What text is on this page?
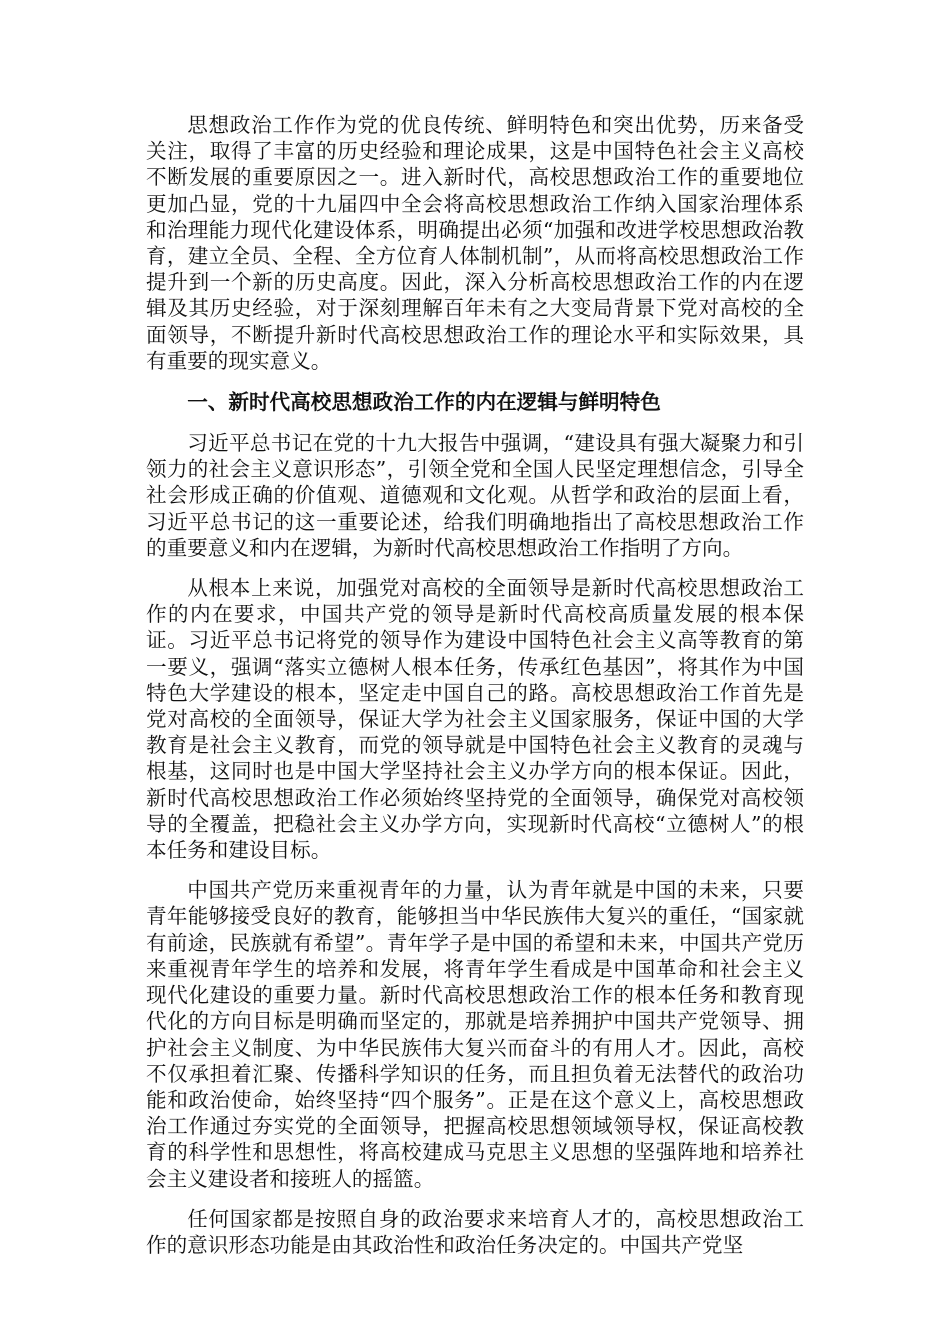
思想政治工作作为党的优良传统、鲜明特色和突出优势，历来备受关注，取得了丰富的历史经验和理论成果，这是中国特色社会主义高校不断发展的重要原因之一。进入新时代，高校思想政治工作的重要地位更加凸显，党的十九届四中全会将高校思想政治工作纳入国家治理体系和治理能力现代化建设体系，明确提出必须“加强和改进学校思想政治教育，建立全员、全程、全方位育人体制机制”，从而将高校思想政治工作提升到一个新的历史高度。因此，深入分析高校思想政治工作的内在逻辑及其历史经验，对于深刻理解百年未有之大变局背景下党对高校的全面领导，不断提升新时代高校思想政治工作的理论水平和实际效果，具有重要的现实意义。

一、新时代高校思想政治工作的内在逻辑与鲜明特色

习近平总书记在党的十九大报告中强调，“建设具有强大凝聚力和引领力的社会主义意识形态”，引领全党和全国人民坚定理想信念，引导全社会形成正确的价值观、道德观和文化观。从哲学和政治的层面上看，习近平总书记的这一重要论述，给我们明确地指出了高校思想政治工作的重要意义和内在逻辑，为新时代高校思想政治工作指明了方向。

从根本上来说，加强党对高校的全面领导是新时代高校思想政治工作的内在要求，中国共产党的领导是新时代高校高质量发展的根本保证。习近平总书记将党的领导作为建设中国特色社会主义高等教育的第一要义，强调“落实立德树人根本任务，传承红色基因”，将其作为中国特色大学建设的根本，坚定走中国自己的路。高校思想政治工作首先是党对高校的全面领导，保证大学为社会主义国家服务，保证中国的大学教育是社会主义教育，而党的领导就是中国特色社会主义教育的灵魂与根基，这同时也是中国大学坚持社会主义办学方向的根本保证。因此，新时代高校思想政治工作必须始终坚持党的全面领导，确保党对高校领导的全覆盖，把稳社会主义办学方向，实现新时代高校“立德树人”的根本任务和建设目标。

中国共产党历来重视青年的力量，认为青年就是中国的未来，只要青年能够接受良好的教育，能够担当中华民族伟大复兴的重任，“国家就有前途，民族就有希望”。青年学子是中国的希望和未来，中国共产党历来重视青年学生的培养和发展，将青年学生看成是中国革命和社会主义现代化建设的重要力量。新时代高校思想政治工作的根本任务和教育现代化的方向目标是明确而坚定的，那就是培养拥护中国共产党领导、拥护社会主义制度、为中华民族伟大复兴而奋斗的有用人才。因此，高校不仅承担着汇聚、传播科学知识的任务，而且担负着无法替代的政治功能和政治使命，始终坚持“四个服务”。正是在这个意义上，高校思想政治工作通过夯实党的全面领导，把握高校思想领域领导权，保证高校教育的科学性和思想性，将高校建成马克思主义思想的坚强阵地和培养社会主义建设者和接班人的摇篮。

任何国家都是按照自身的政治要求来培育人才的，高校思想政治工作的意识形态功能是由其政治性和政治任务决定的。中国共产党坚
